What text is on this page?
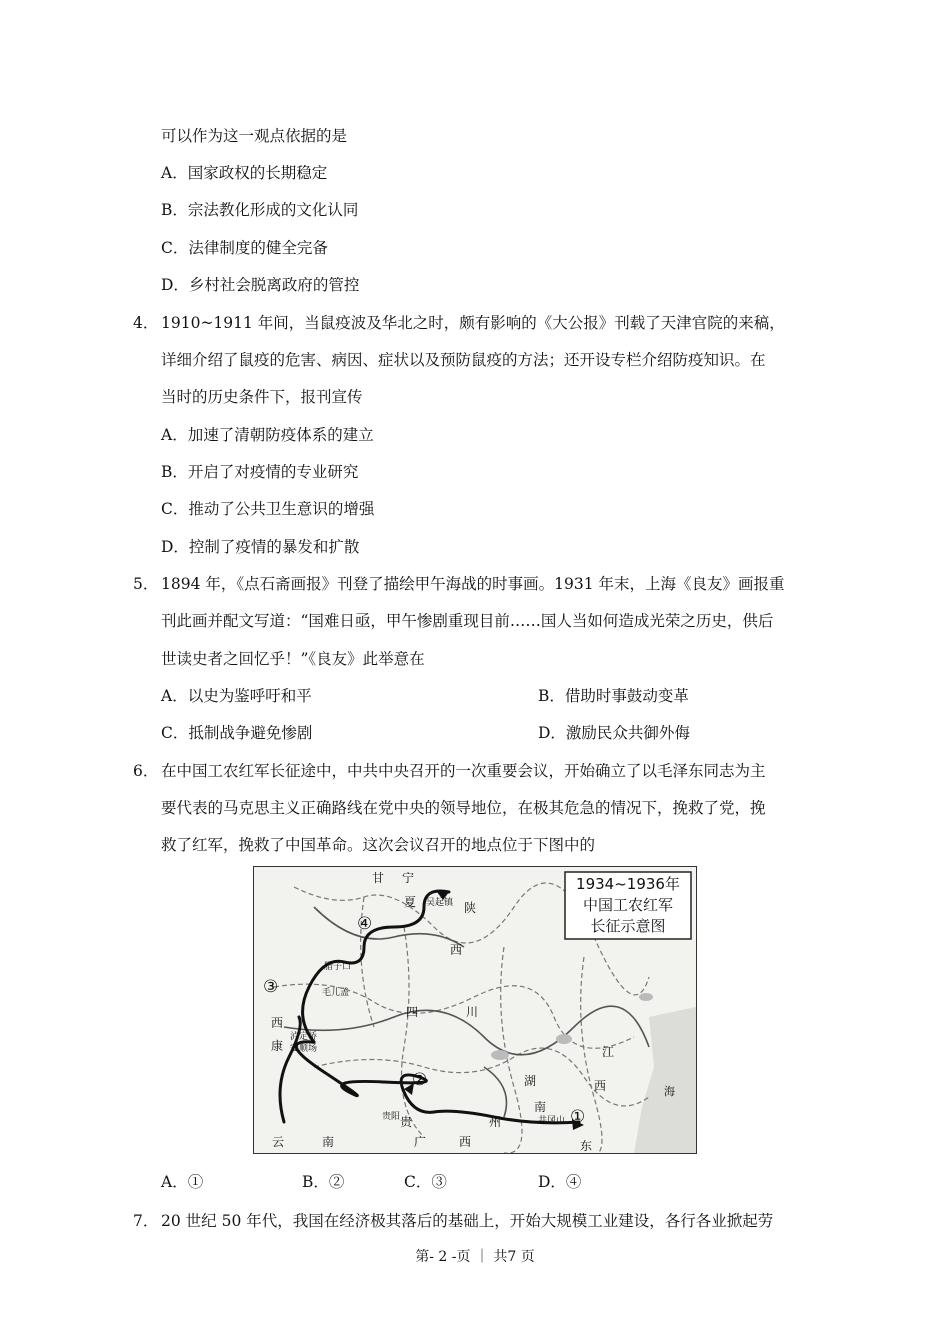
可以作为这一观点依据的是
A．国家政权的长期稳定
B．宗法教化形成的文化认同
C．法律制度的健全完备
D．乡村社会脱离政府的管控
4． 1910~1911 年间，当鼠疫波及华北之时，颇有影响的《大公报》刊载了天津官院的来稿，
详细介绍了鼠疫的危害、病因、症状以及预防鼠疫的方法；还开设专栏介绍防疫知识。在
当时的历史条件下，报刊宣传
A．加速了清朝防疫体系的建立
B．开启了对疫情的专业研究
C．推动了公共卫生意识的增强
D．控制了疫情的暴发和扩散
5． 1894 年，《点石斋画报》刊登了描绘甲午海战的时事画。1931 年末，上海《良友》画报重
刊此画并配文写道：“国难日亟，甲午惨剧重现目前……国人当如何造成光荣之历史，供后
世读史者之回忆乎！”《良友》此举意在
A．以史为鉴呼吁和平	B．借助时事鼓动变革
C．抵制战争避免惨剧	D．激励民众共御外侮
6． 在中国工农红军长征途中，中共中央召开的一次重要会议，开始确立了以毛泽东同志为主
要代表的马克思主义正确路线在党中央的领导地位，在极其危急的情况下，挽救了党，挽
救了红军，挽救了中国革命。这次会议召开的地点位于下图中的
1934~1936年
中国工农红军
长征示意图
①
②
③
④
甘 宁
夏	陕
西
四	川
西
康
湖
南
江
西
贵	州
云	南	广	西	东
海
吴起镇
腊子口
毛儿盖
泸定桥
安顺场
贵阳	井冈山
A．①	B．②	C．③	D．④
7． 20 世纪 50 年代，我国在经济极其落后的基础上，开始大规模工业建设，各行各业掀起劳
第- 2 -页 ｜ 共7 页
